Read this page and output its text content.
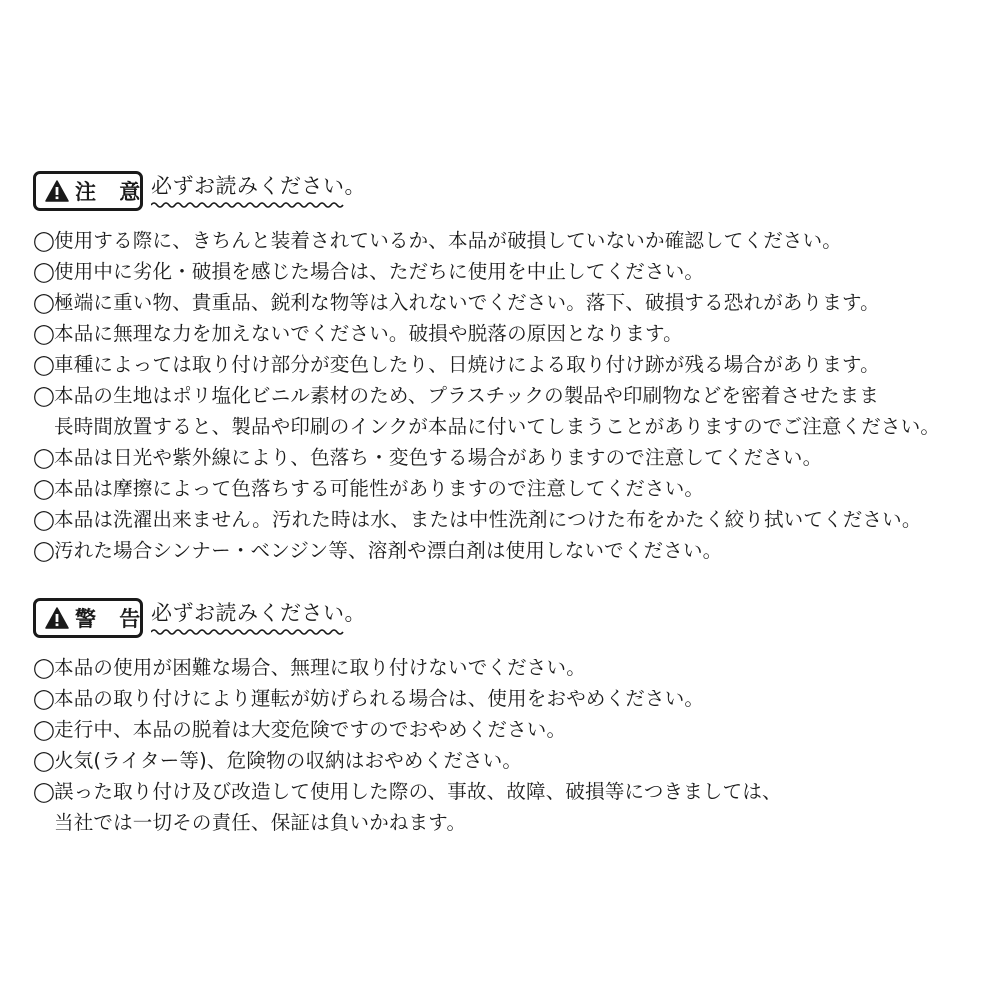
注 意 必ずお読みください。
◯使用する際に、きちんと装着されているか、本品が破損していないか確認してください。
◯使用中に劣化・破損を感じた場合は、ただちに使用を中止してください。
◯極端に重い物、貴重品、鋭利な物等は入れないでください。落下、破損する恐れがあります。
◯本品に無理な力を加えないでください。破損や脱落の原因となります。
◯車種によっては取り付け部分が変色したり、日焼けによる取り付け跡が残る場合があります。
◯本品の生地はポリ塩化ビニル素材のため、プラスチックの製品や印刷物などを密着させたまま
長時間放置すると、製品や印刷のインクが本品に付いてしまうことがありますのでご注意ください。
◯本品は日光や紫外線により、色落ち・変色する場合がありますので注意してください。
◯本品は摩擦によって色落ちする可能性がありますので注意してください。
◯本品は洗濯出来ません。汚れた時は水、または中性洗剤につけた布をかたく絞り拭いてください。
◯汚れた場合シンナー・ベンジン等、溶剤や漂白剤は使用しないでください。
警 告 必ずお読みください。
◯本品の使用が困難な場合、無理に取り付けないでください。
◯本品の取り付けにより運転が妨げられる場合は、使用をおやめください。
◯走行中、本品の脱着は大変危険ですのでおやめください。
◯火気(ライター等)、危険物の収納はおやめください。
◯誤った取り付け及び改造して使用した際の、事故、故障、破損等につきましては、
当社では一切その責任、保証は負いかねます。
